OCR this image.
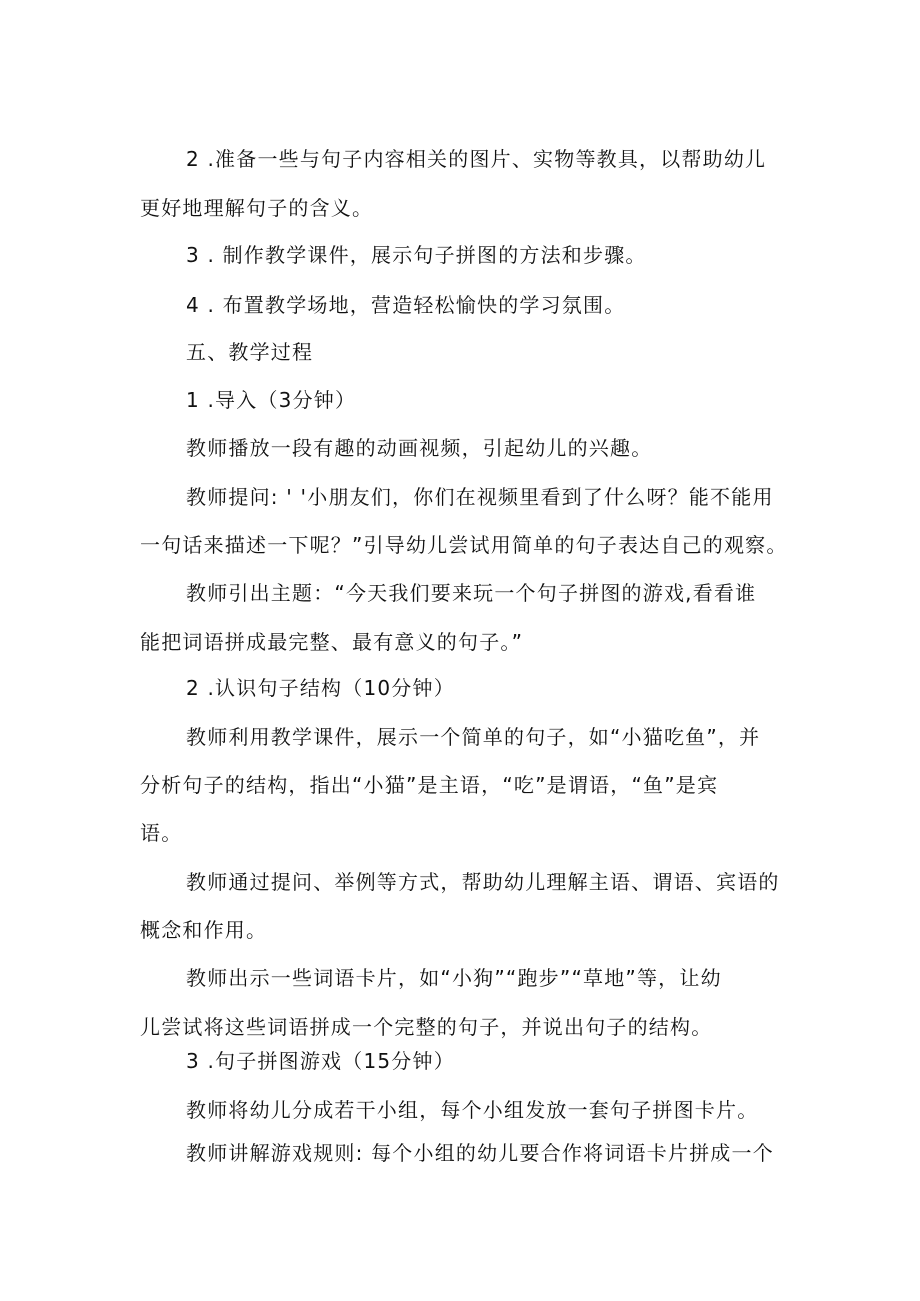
2 .准备一些与句子内容相关的图片、实物等教具，以帮助幼儿
更好地理解句子的含义。
3 . 制作教学课件，展示句子拼图的方法和步骤。
4 . 布置教学场地，营造轻松愉快的学习氛围。
五、教学过程
1 .导入（3分钟）
教师播放一段有趣的动画视频，引起幼儿的兴趣。
教师提问: ' '小朋友们，你们在视频里看到了什么呀？能不能用
一句话来描述一下呢？”引导幼儿尝试用简单的句子表达自己的观察。
教师引出主题：“今天我们要来玩一个句子拼图的游戏,看看谁
能把词语拼成最完整、最有意义的句子。”
2 .认识句子结构（10分钟）
教师利用教学课件，展示一个简单的句子，如“小猫吃鱼”，并
分析句子的结构，指出“小猫”是主语，“吃”是谓语，“鱼”是宾
语。
教师通过提问、举例等方式，帮助幼儿理解主语、谓语、宾语的
概念和作用。
教师出示一些词语卡片，如“小狗”“跑步”“草地”等，让幼
儿尝试将这些词语拼成一个完整的句子，并说出句子的结构。
3 .句子拼图游戏（15分钟）
教师将幼儿分成若干小组，每个小组发放一套句子拼图卡片。
教师讲解游戏规则: 每个小组的幼儿要合作将词语卡片拼成一个
